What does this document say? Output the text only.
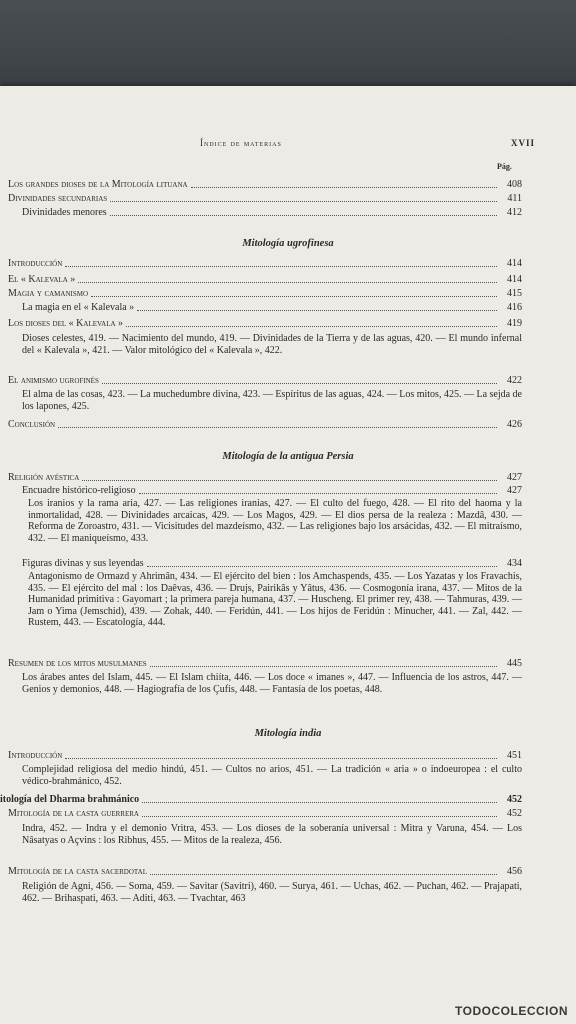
Índice de materias	XVII
Pág.
Los grandes dioses de la Mitología lituana	408
Divinidades secundarias	411
Divinidades menores	412
Mitología ugrofinesa
Introducción	414
El « Kalevala »	414
Magia y camanismo	415
La magia en el « Kalevala »	416
Los dioses del « Kalevala »	419
Dioses celestes, 419. — Nacimiento del mundo, 419. — Divinidades de la Tierra y de las aguas, 420. — El mundo infernal del « Kalevala », 421. — Valor mitológico del « Kalevala », 422.
El animismo ugrofinés	422
El alma de las cosas, 423. — La muchedumbre divina, 423. — Espíritus de las aguas, 424. — Los mitos, 425. — La sejda de los lapones, 425.
Conclusión	426
Mitología de la antigua Persia
Religión avéstica	427
Encuadre histórico-religioso	427
Los iranios y la rama aria, 427. — Las religiones iranias, 427. — El culto del fuego, 428. — El rito del haoma y la inmortalidad, 428. — Divinidades arcaicas, 429. — Los Magos, 429. — El dios persa de la realeza : Mazdâ, 430. — Reforma de Zoroastro, 431. — Vicisitudes del mazdeísmo, 432. — Las religiones bajo los arsácidas, 432. — El mitraísmo, 432. — El maniqueísmo, 433.
Figuras divinas y sus leyendas	434
Antagonismo de Ormazd y Ahrimân, 434. — El ejército del bien : los Amchaspends, 435. — Los Yazatas y los Fravachis, 435. — El ejército del mal : los Daêvas, 436. — Drujs, Pairikâs y Yâtus, 436. — Cosmogonía irana, 437. — Mitos de la Humanidad primitiva : Gayomart ; la primera pareja humana, 437. — Huscheng. El primer rey, 438. — Tahmuras, 439. — Jam o Yima (Jemschid), 439. — Zohak, 440. — Feridún, 441. — Los hijos de Feridún : Minucher, 441. — Zal, 442. — Rustem, 443. — Escatología, 444.
Resumen de los mitos musulmanes	445
Los árabes antes del Islam, 445. — El Islam chiíta, 446. — Los doce « imanes », 447. — Influencia de los astros, 447. — Genios y demonios, 448. — Hagiografía de los Çufis, 448. — Fantasía de los poetas, 448.
Mitología india
Introducción	451
Complejidad religiosa del medio hindú, 451. — Cultos no arios, 451. — La tradición « aria » o indoeuropea : el culto védico-brahmánico, 452.
itología del Dharma brahmánico	452
Mitología de la casta guerrera	452
Indra, 452. — Indra y el demonio Vritra, 453. — Los dioses de la soberanía universal : Mitra y Varuna, 454. — Los Nâsatyas o Açvins : los Ribhus, 455. — Mitos de la realeza, 456.
Mitología de la casta sacerdotal	456
Religión de Agni, 456. — Soma, 459. — Savitar (Savitri), 460. — Surya, 461. — Uchas, 462. — Puchan, 462. — Prajapati, 462. — Brihaspati, 463. — Aditi, 463. — Tvachtar, 463
TODOCOLECCION
